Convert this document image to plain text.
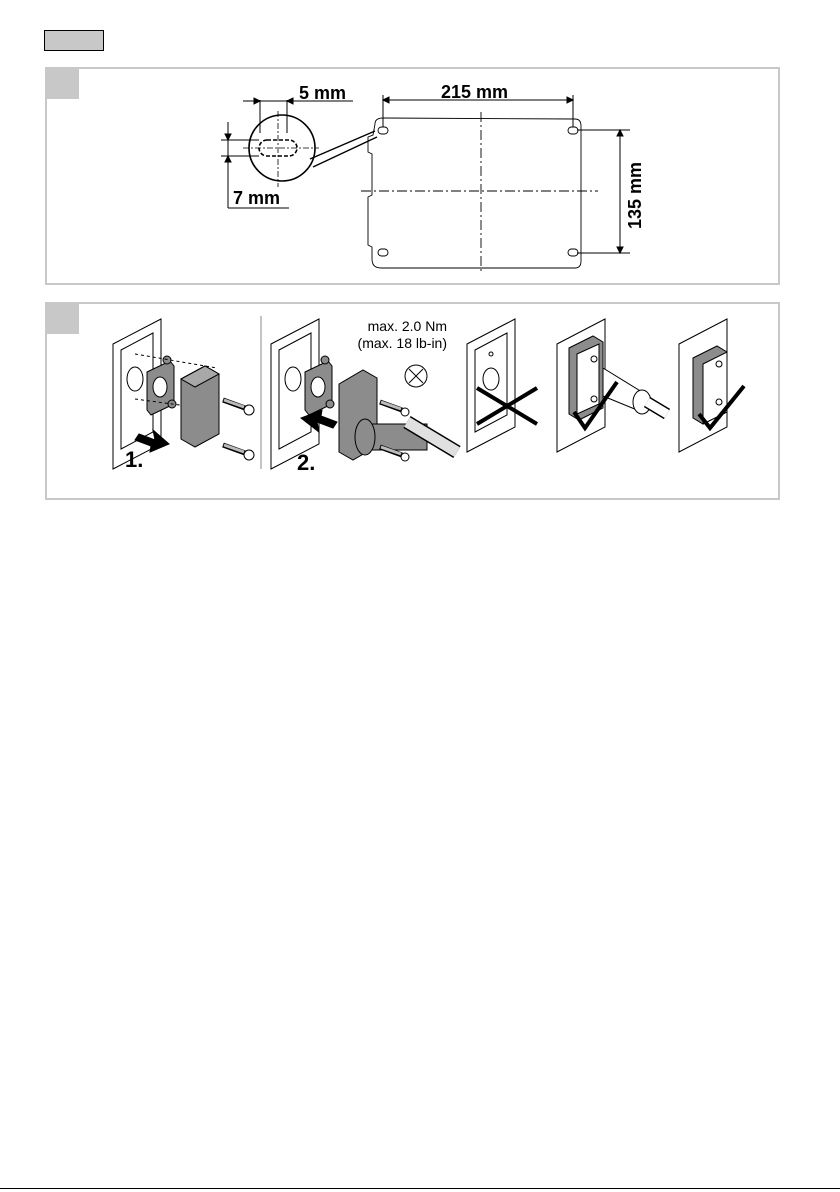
5 mm
7 mm
215 mm
135 mm
1.	2.
max. 2.0 Nm
(max. 18 lb-in)
